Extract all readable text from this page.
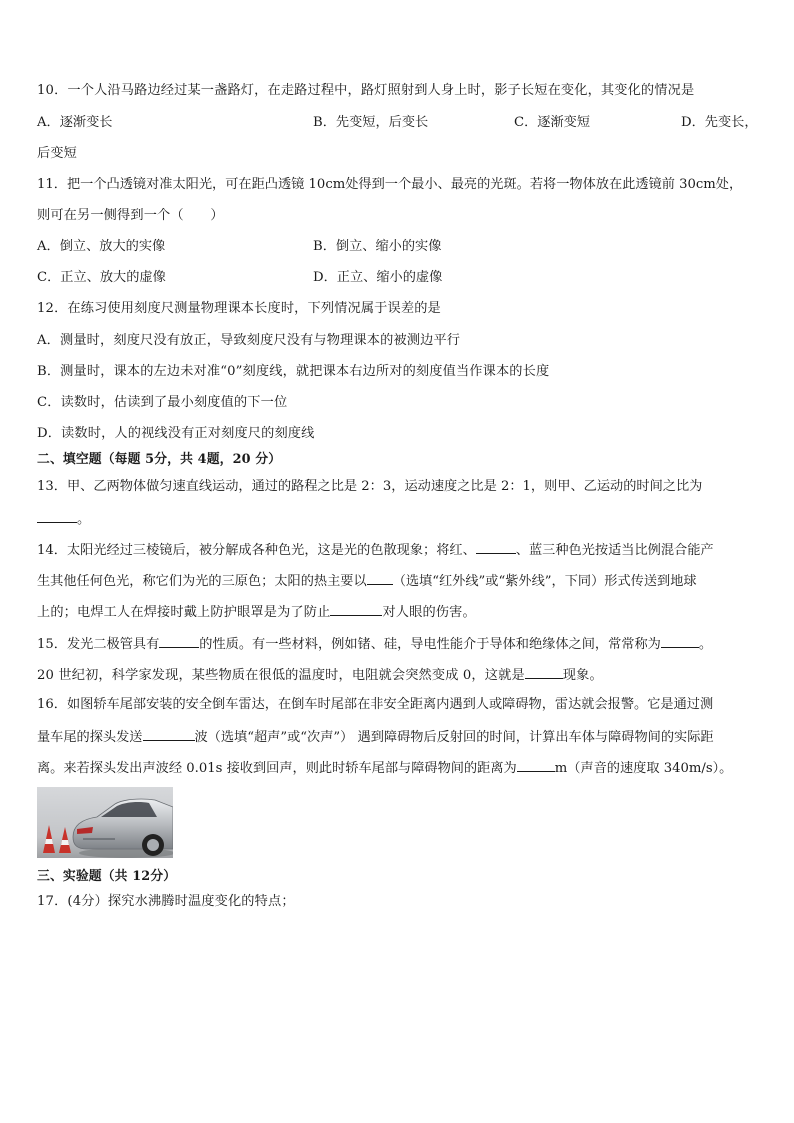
10．一个人沿马路边经过某一盏路灯，在走路过程中，路灯照射到人身上时，影子长短在变化，其变化的情况是
A．逐渐变长	B．先变短，后变长	C．逐渐变短	D．先变长，
后变短
11．把一个凸透镜对准太阳光，可在距凸透镜 10cm处得到一个最小、最亮的光斑。若将一物体放在此透镜前 30cm处，
则可在另一侧得到一个（　　）
A．倒立、放大的实像	B．倒立、缩小的实像
C．正立、放大的虚像	D．正立、缩小的虚像
12．在练习使用刻度尺测量物理课本长度时，下列情况属于误差的是
A．测量时，刻度尺没有放正，导致刻度尺没有与物理课本的被测边平行
B．测量时，课本的左边未对准“0”刻度线，就把课本右边所对的刻度值当作课本的长度
C．读数时，估读到了最小刻度值的下一位
D．读数时，人的视线没有正对刻度尺的刻度线
二、填空题（每题 5分，共 4题，20 分）
13．甲、乙两物体做匀速直线运动，通过的路程之比是 2：3，运动速度之比是 2：1，则甲、乙运动的时间之比为
。
14．太阳光经过三棱镜后，被分解成各种色光，这是光的色散现象；将红、	、蓝三种色光按适当比例混合能产
生其他任何色光，称它们为光的三原色；太阳的热主要以 （选填“红外线”或“紫外线”，下同）形式传送到地球
上的；电焊工人在焊接时戴上防护眼罩是为了防止	对人眼的伤害。
15．发光二极管具有	的性质。有一些材料，例如锗、硅，导电性能介于导体和绝缘体之间，常常称为	。
20 世纪初，科学家发现，某些物质在很低的温度时，电阻就会突然变成 0，这就是	现象。
16．如图轿车尾部安装的安全倒车雷达，在倒车时尾部在非安全距离内遇到人或障碍物，雷达就会报警。它是通过测
量车尾的探头发送	波（选填“超声”或“次声”） 遇到障碍物后反射回的时间，计算出车体与障碍物间的实际距
离。来若探头发出声波经 0.01s 接收到回声，则此时轿车尾部与障碍物间的距离为	m（声音的速度取 340m/s）。
三、实验题（共 12分）
17．(4分）探究水沸腾时温度变化的特点；
